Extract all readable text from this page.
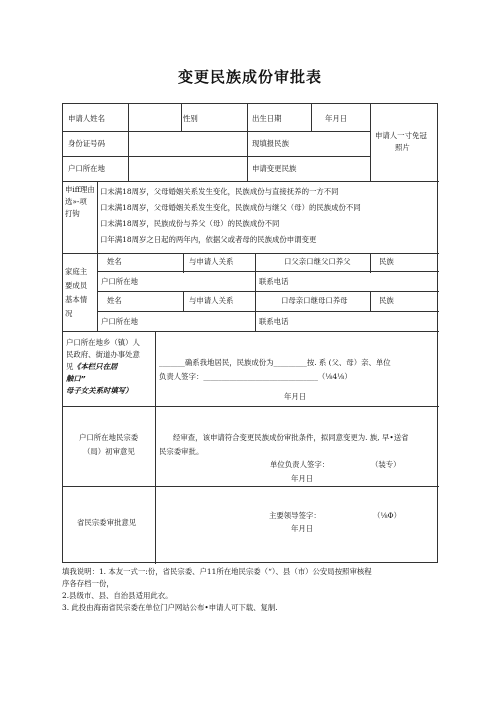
变更民族成份审批表
申请人姓名	性别	出生日期	年月日
身份证号码	现填报民族
户口所在地	申请变更民族
申请人一寸免冠
照片
申iff理由
选»-项
打钩
口未满18周岁，父母婚姻关系发生变化，民族成份与直接抚养的一方不同
口未满18周岁，父母婚姻关系发生变化，民族成份与继父（母）的民族成份不同
口未满18周岁，民族成份与养父（母）的民族成份不同
口年满18周岁之日起的两年内，依据父或者母的民族成份申谓变更
家庭主
要成员
基本情
况
姓名	与申请人关系	口父亲口继父口养父	民族
户口所在地	联系电话
姓名	与申请人关系	口母亲口继母口养母	民族
户口所在地	联系电话
户口所在地乡（镇）人
民政府、街道办事处意
见 《本栏只在居
触口”
母子女关系时填写）
_______确系我地居民，民族成份为_________按. 系 (父、母）亲、单位
负责人签字：_______________________________（⅛4⅛）
年月日
户口所在地民宗委
（局）初审意见
经审查，该申请符合变更民族成份审批条件，拟同意变更为. 族, 早•送省
民宗委审批。
单位负责人签字：	（装专）
年月日
省民宗委审批意见
主要领导签字：	（⅛Φ）
年月日
填我说明：1. 本友一式一:份，省民宗委、户11所在地民宗委（“）、县（市）公安局按照审核程
序各存档一份，
2.县级市、县、自治县适用此衣。
3. 此投由海南省民宗委在单位门户网站公布•申请人可下载、复制.
